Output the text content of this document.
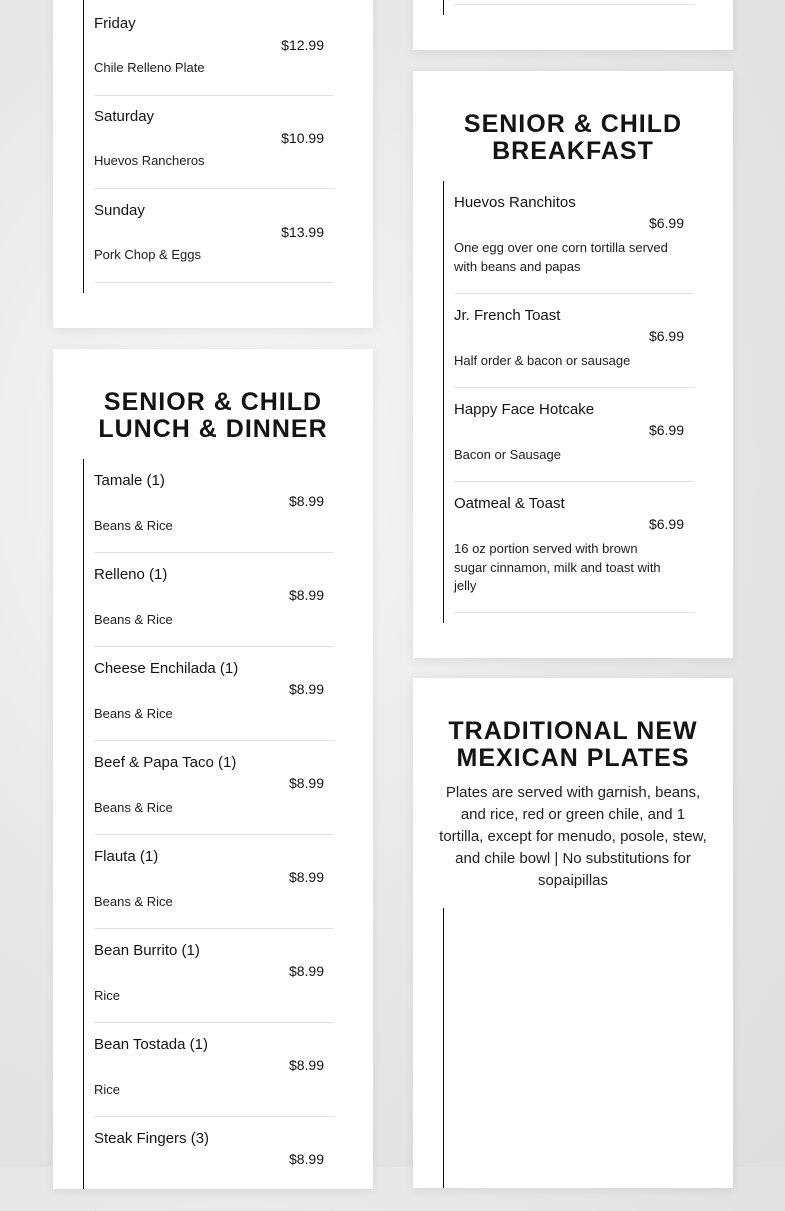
Friday
$12.99
Chile Relleno Plate
Saturday
$10.99
Huevos Rancheros
Sunday
$13.99
Pork Chop & Eggs
SENIOR & CHILD
LUNCH & DINNER
Tamale (1)
$8.99
Beans & Rice
Relleno (1)
$8.99
Beans & Rice
Cheese Enchilada (1)
$8.99
Beans & Rice
Beef & Papa Taco (1)
$8.99
Beans & Rice
Flauta (1)
$8.99
Beans & Rice
Bean Burrito (1)
$8.99
Rice
Bean Tostada (1)
$8.99
Rice
Steak Fingers (3)
$8.99
SENIOR & CHILD
BREAKFAST
Huevos Ranchitos
$6.99
One egg over one corn tortilla served with beans and papas
Jr. French Toast
$6.99
Half order & bacon or sausage
Happy Face Hotcake
$6.99
Bacon or Sausage
Oatmeal & Toast
$6.99
16 oz portion served with brown sugar cinnamon, milk and toast with jelly
TRADITIONAL NEW
MEXICAN PLATES

Plates are served with garnish, beans, and rice, red or green chile, and 1 tortilla, except for menudo, posole, stew, and chile bowl | No substitutions for sopaipillas
